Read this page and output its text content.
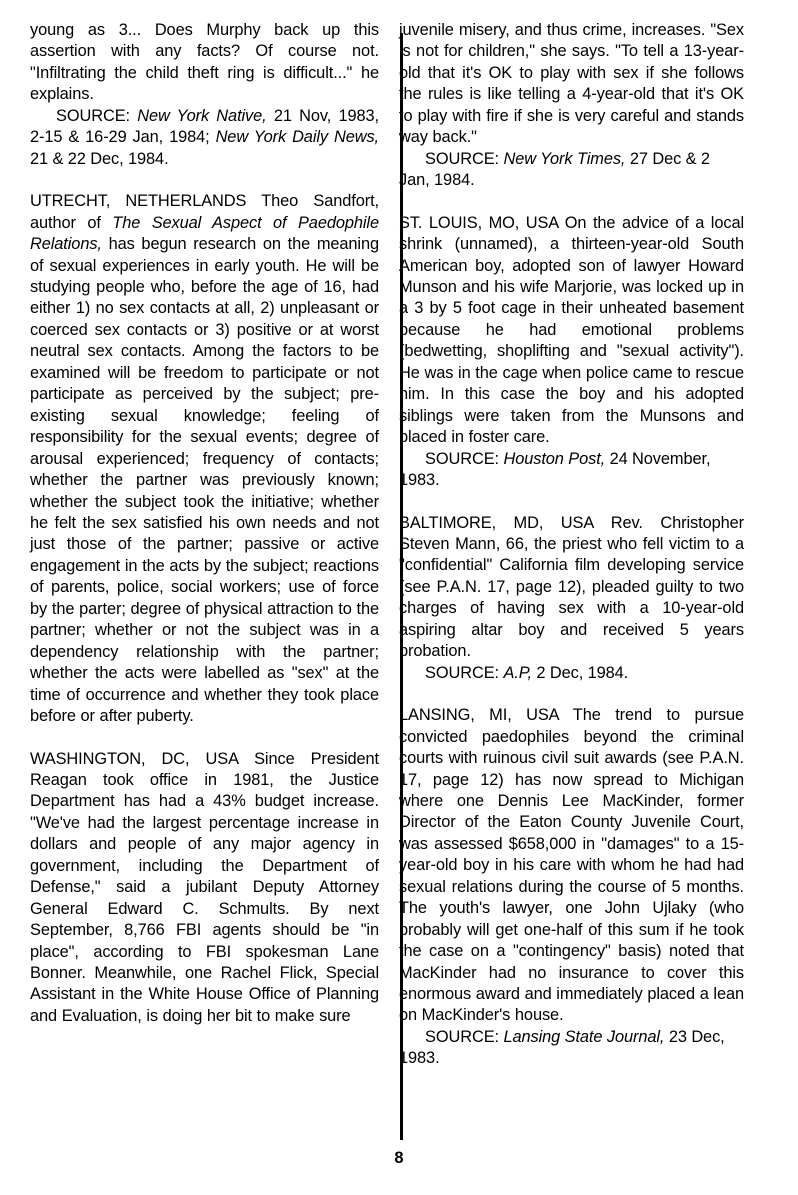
young as 3... Does Murphy back up this assertion with any facts? Of course not. "Infiltrating the child theft ring is difficult..." he explains.

SOURCE: New York Native, 21 Nov, 1983, 2-15 & 16-29 Jan, 1984; New York Daily News, 21 & 22 Dec, 1984.

UTRECHT, NETHERLANDS Theo Sandfort, author of The Sexual Aspect of Paedophile Relations, has begun research on the meaning of sexual experiences in early youth. He will be studying people who, before the age of 16, had either 1) no sex contacts at all, 2) unpleasant or coerced sex contacts or 3) positive or at worst neutral sex contacts. Among the factors to be examined will be freedom to participate or not participate as perceived by the subject; pre-existing sexual knowledge; feeling of responsibility for the sexual events; degree of arousal experienced; frequency of contacts; whether the partner was previously known; whether the subject took the initiative; whether he felt the sex satisfied his own needs and not just those of the partner; passive or active engagement in the acts by the subject; reactions of parents, police, social workers; use of force by the parter; degree of physical attraction to the partner; whether or not the subject was in a dependency relationship with the partner; whether the acts were labelled as "sex" at the time of occurrence and whether they took place before or after puberty.

WASHINGTON, DC, USA Since President Reagan took office in 1981, the Justice Department has had a 43% budget increase. "We've had the largest percentage increase in dollars and people of any major agency in government, including the Department of Defense," said a jubilant Deputy Attorney General Edward C. Schmults. By next September, 8,766 FBI agents should be "in place", according to FBI spokesman Lane Bonner. Meanwhile, one Rachel Flick, Special Assistant in the White House Office of Planning and Evaluation, is doing her bit to make sure

juvenile misery, and thus crime, increases. "Sex is not for children," she says. "To tell a 13-year-old that it's OK to play with sex if she follows the rules is like telling a 4-year-old that it's OK to play with fire if she is very careful and stands way back."

SOURCE: New York Times, 27 Dec & 2 Jan, 1984.

ST. LOUIS, MO, USA On the advice of a local shrink (unnamed), a thirteen-year-old South American boy, adopted son of lawyer Howard Munson and his wife Marjorie, was locked up in a 3 by 5 foot cage in their unheated basement because he had emotional problems (bedwetting, shoplifting and "sexual activity"). He was in the cage when police came to rescue him. In this case the boy and his adopted siblings were taken from the Munsons and placed in foster care.

SOURCE: Houston Post, 24 November, 1983.

BALTIMORE, MD, USA Rev. Christopher Steven Mann, 66, the priest who fell victim to a "confidential" California film developing service (see P.A.N. 17, page 12), pleaded guilty to two charges of having sex with a 10-year-old aspiring altar boy and received 5 years probation.

SOURCE: A.P, 2 Dec, 1984.

LANSING, MI, USA The trend to pursue convicted paedophiles beyond the criminal courts with ruinous civil suit awards (see P.A.N. 17, page 12) has now spread to Michigan where one Dennis Lee MacKinder, former Director of the Eaton County Juvenile Court, was assessed $658,000 in "damages" to a 15-year-old boy in his care with whom he had had sexual relations during the course of 5 months. The youth's lawyer, one John Ujlaky (who probably will get one-half of this sum if he took the case on a "contingency" basis) noted that MacKinder had no insurance to cover this enormous award and immediately placed a lean on MacKinder's house.

SOURCE: Lansing State Journal, 23 Dec, 1983.

8
